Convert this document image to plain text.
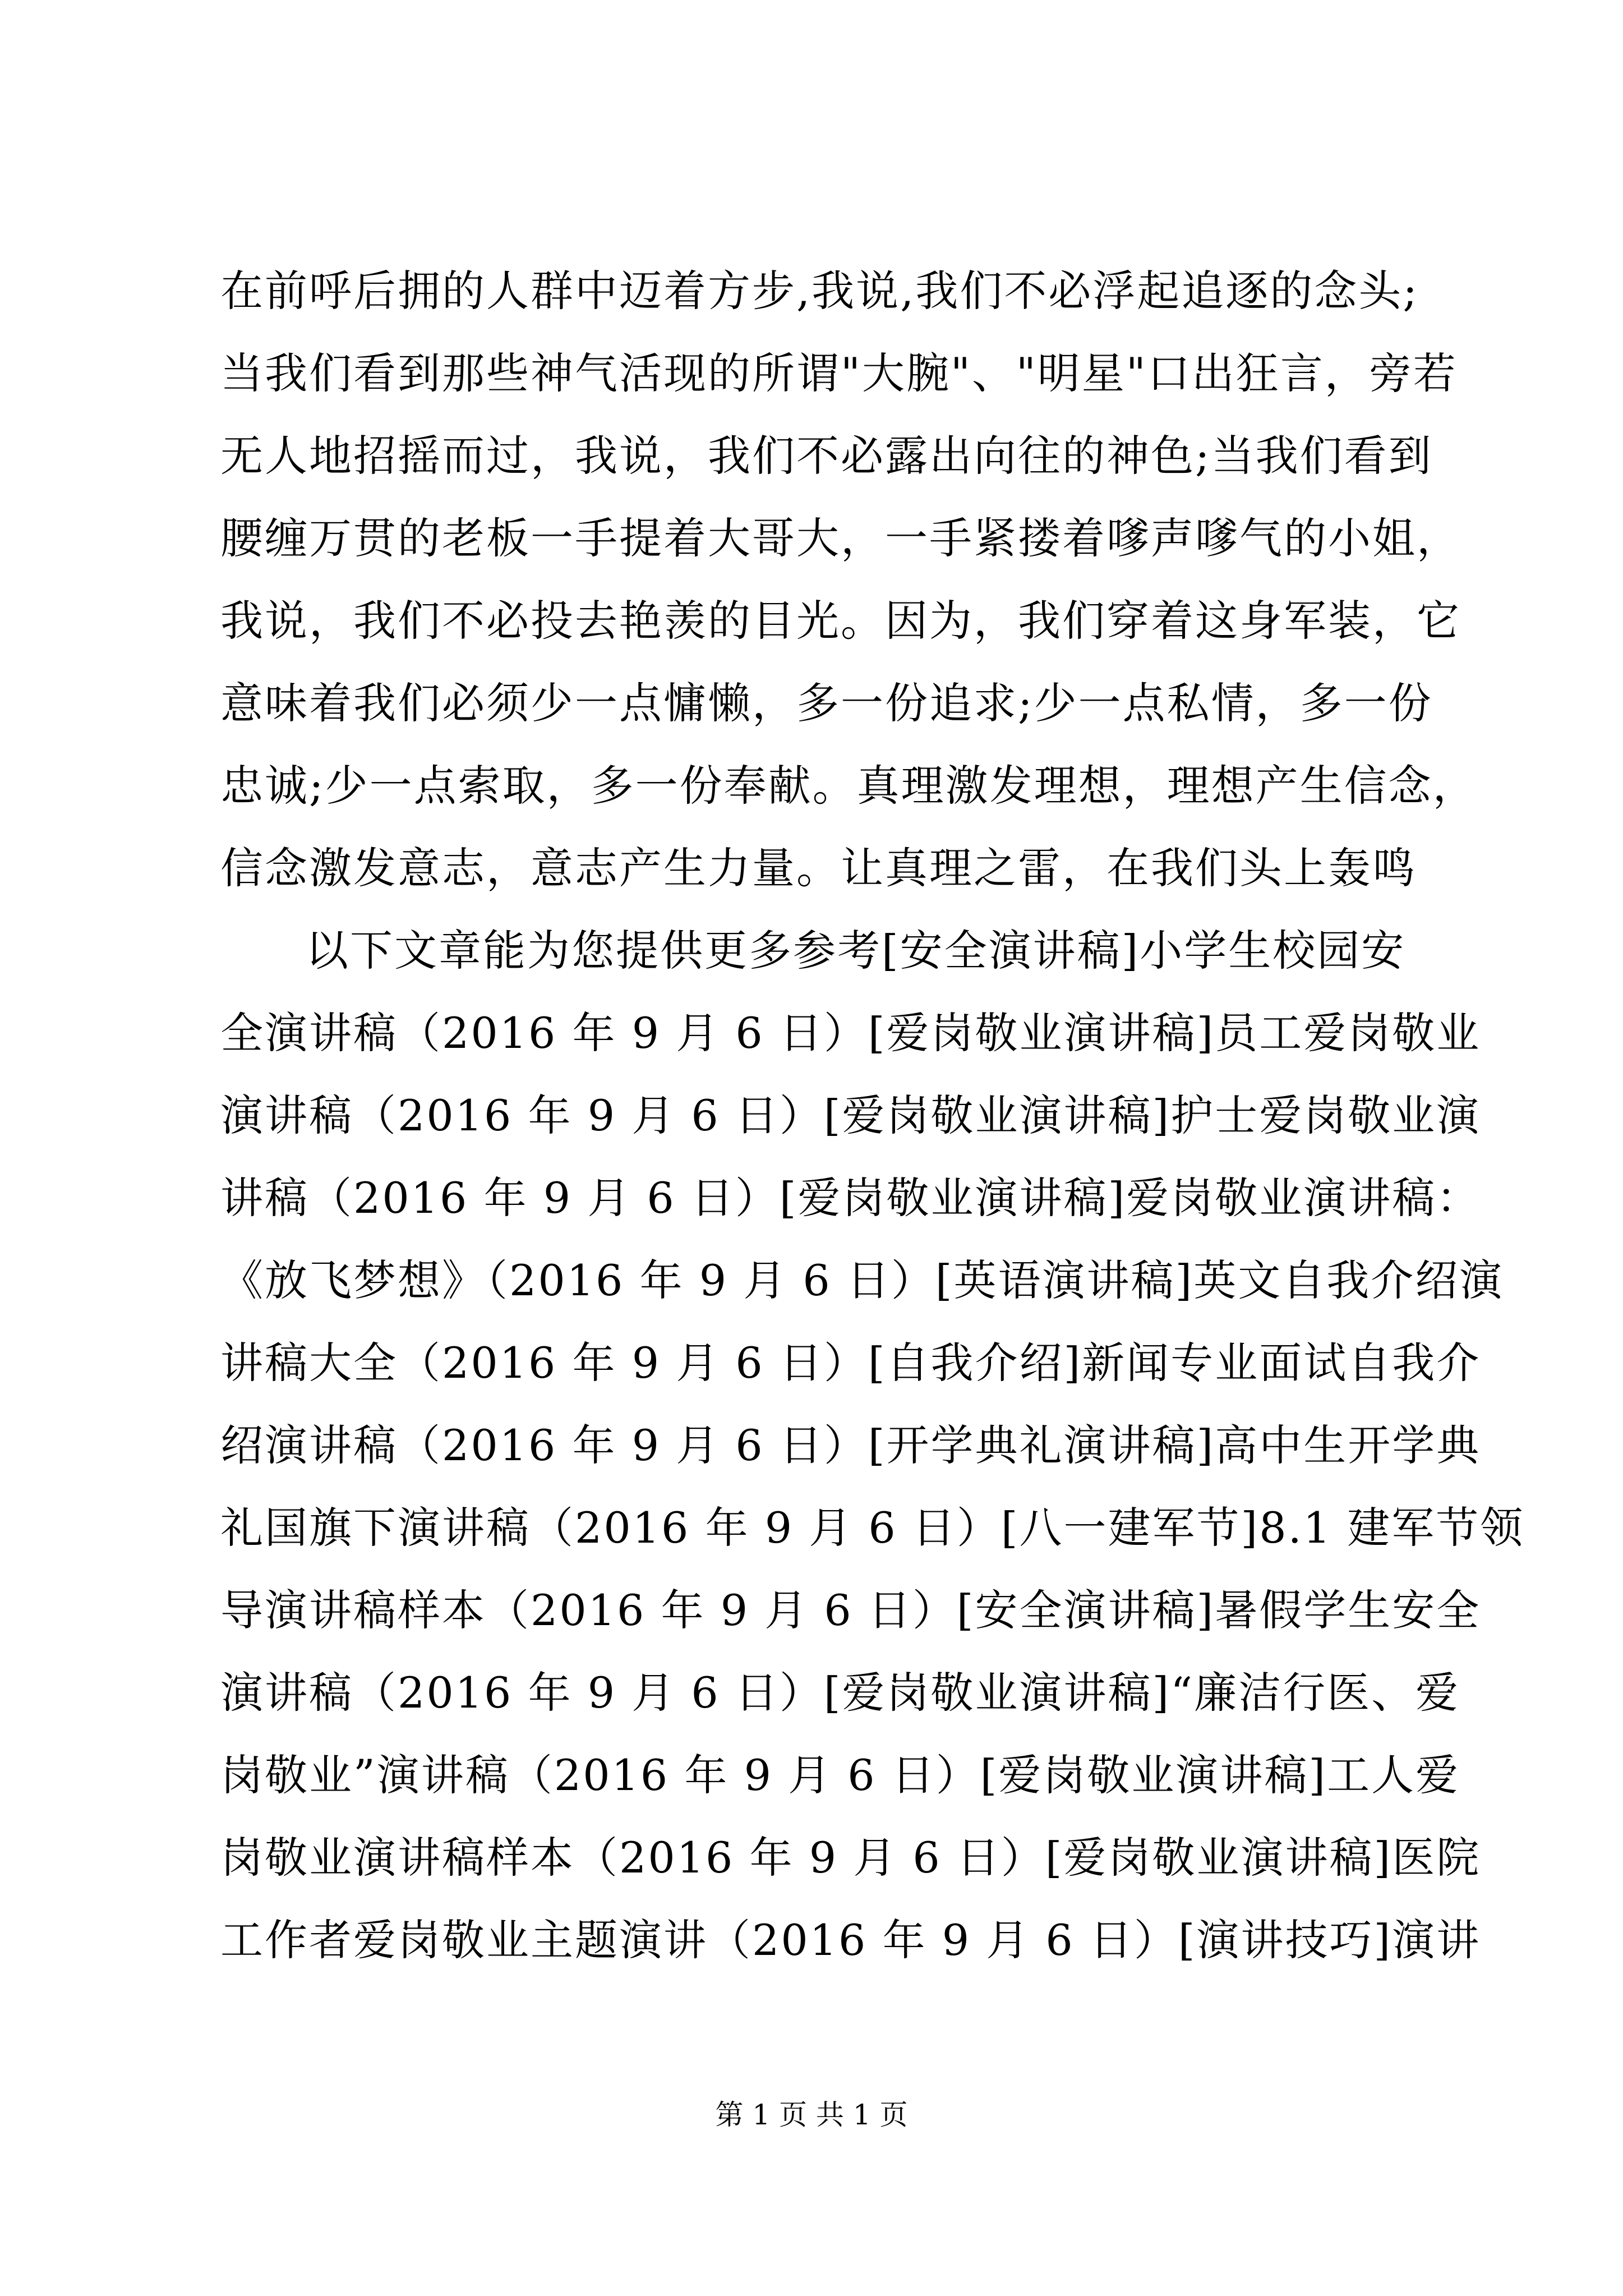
在前呼后拥的人群中迈着方步,我说,我们不必浮起追逐的念头;
当我们看到那些神气活现的所谓"大腕"、"明星"口出狂言，旁若
无人地招摇而过，我说，我们不必露出向往的神色;当我们看到
腰缠万贯的老板一手提着大哥大，一手紧搂着嗲声嗲气的小姐，
我说，我们不必投去艳羡的目光。因为，我们穿着这身军装，它
意味着我们必须少一点慵懒，多一份追求;少一点私情，多一份
忠诚;少一点索取，多一份奉献。真理激发理想，理想产生信念，
信念激发意志，意志产生力量。让真理之雷，在我们头上轰鸣
以下文章能为您提供更多参考[安全演讲稿]小学生校园安
全演讲稿（2016 年 9 月 6 日）[爱岗敬业演讲稿]员工爱岗敬业
演讲稿（2016 年 9 月 6 日）[爱岗敬业演讲稿]护士爱岗敬业演
讲稿（2016 年 9 月 6 日）[爱岗敬业演讲稿]爱岗敬业演讲稿：
《放飞梦想》（2016 年 9 月 6 日）[英语演讲稿]英文自我介绍演
讲稿大全（2016 年 9 月 6 日）[自我介绍]新闻专业面试自我介
绍演讲稿（2016 年 9 月 6 日）[开学典礼演讲稿]高中生开学典
礼国旗下演讲稿（2016 年 9 月 6 日）[八一建军节]8.1 建军节领
导演讲稿样本（2016 年 9 月 6 日）[安全演讲稿]暑假学生安全
演讲稿（2016 年 9 月 6 日）[爱岗敬业演讲稿]“廉洁行医、爱
岗敬业”演讲稿（2016 年 9 月 6 日）[爱岗敬业演讲稿]工人爱
岗敬业演讲稿样本（2016 年 9 月 6 日）[爱岗敬业演讲稿]医院
工作者爱岗敬业主题演讲（2016 年 9 月 6 日）[演讲技巧]演讲
第 1 页 共 1 页
